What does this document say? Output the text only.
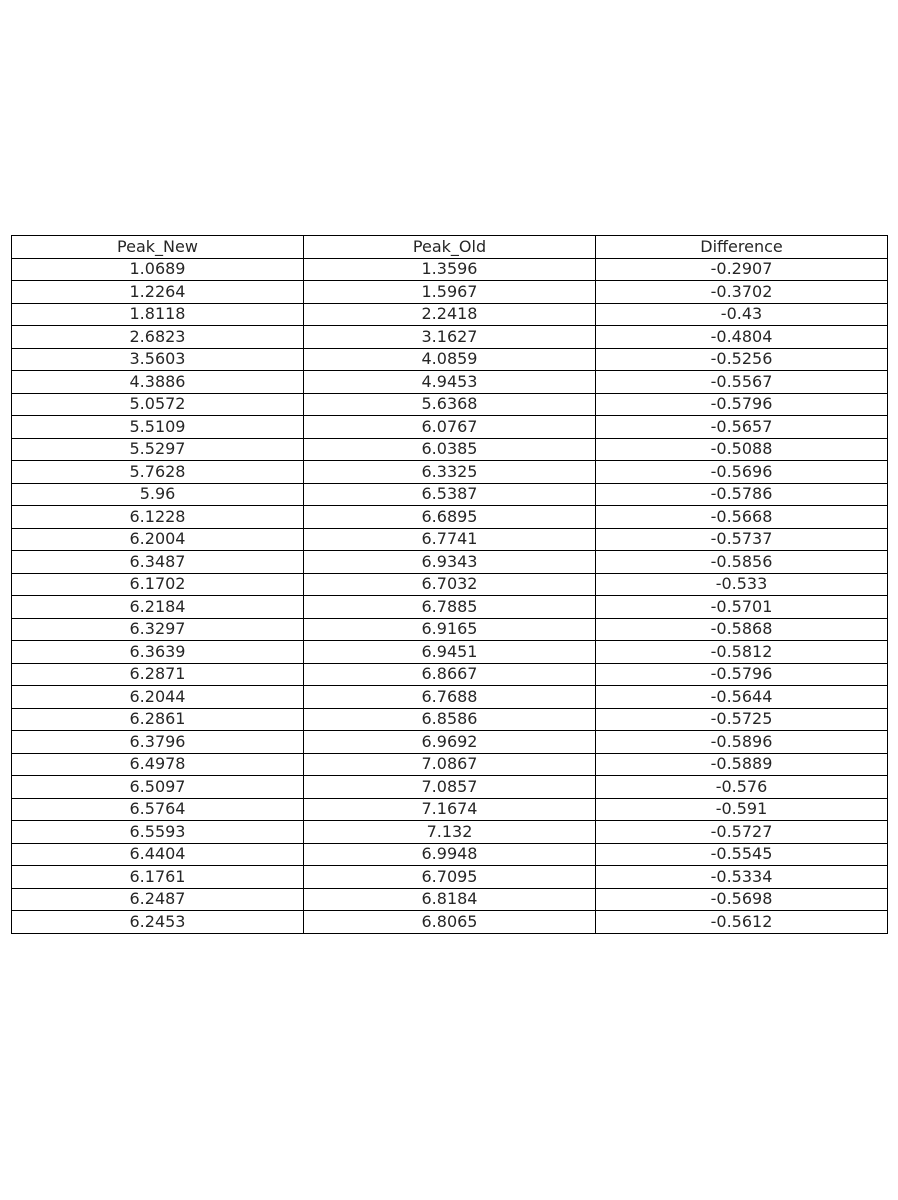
Peak_New	Peak_Old	Difference
1.0689	1.3596	-0.2907
1.2264	1.5967	-0.3702
1.8118	2.2418	-0.43
2.6823	3.1627	-0.4804
3.5603	4.0859	-0.5256
4.3886	4.9453	-0.5567
5.0572	5.6368	-0.5796
5.5109	6.0767	-0.5657
5.5297	6.0385	-0.5088
5.7628	6.3325	-0.5696
5.96	6.5387	-0.5786
6.1228	6.6895	-0.5668
6.2004	6.7741	-0.5737
6.3487	6.9343	-0.5856
6.1702	6.7032	-0.533
6.2184	6.7885	-0.5701
6.3297	6.9165	-0.5868
6.3639	6.9451	-0.5812
6.2871	6.8667	-0.5796
6.2044	6.7688	-0.5644
6.2861	6.8586	-0.5725
6.3796	6.9692	-0.5896
6.4978	7.0867	-0.5889
6.5097	7.0857	-0.576
6.5764	7.1674	-0.591
6.5593	7.132	-0.5727
6.4404	6.9948	-0.5545
6.1761	6.7095	-0.5334
6.2487	6.8184	-0.5698
6.2453	6.8065	-0.5612
